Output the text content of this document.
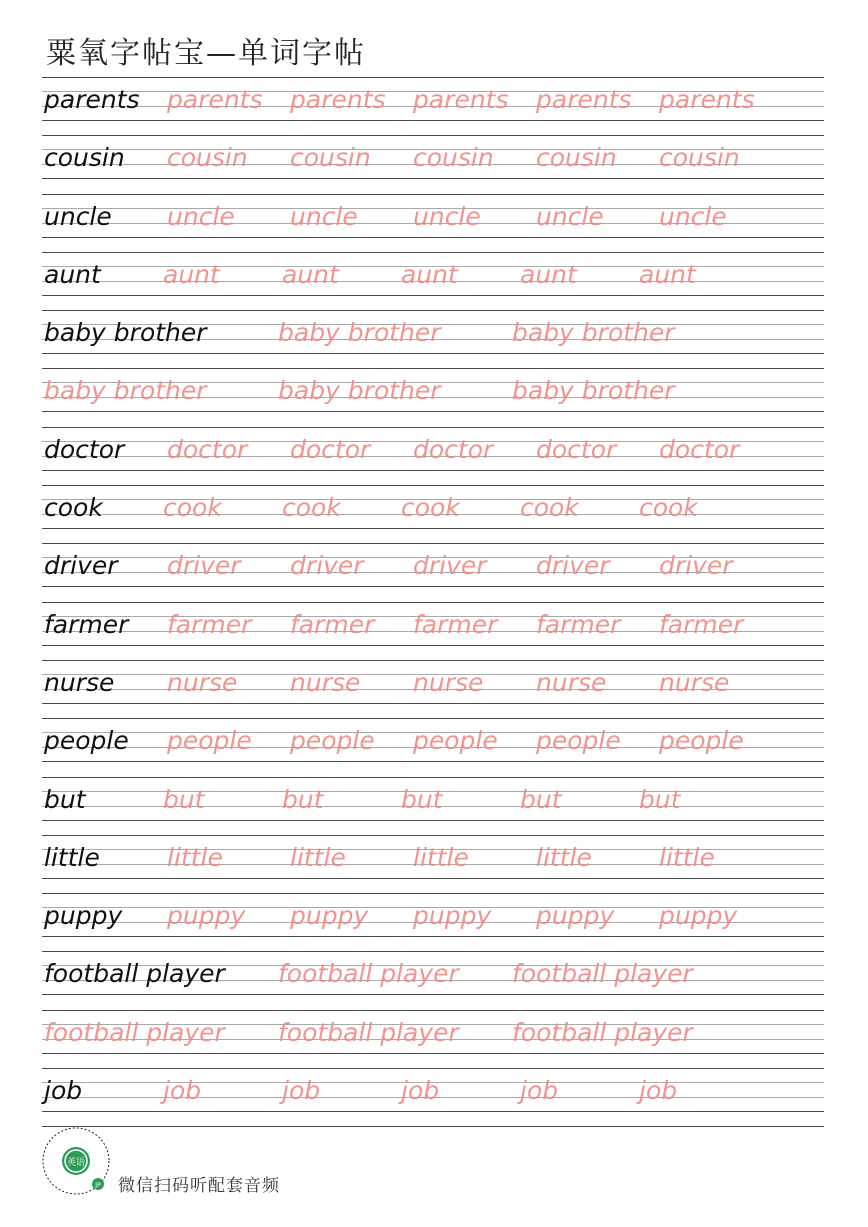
粟氧字帖宝—单词字帖
parents	parents	parents	parents	parents	parents
cousin	cousin	cousin	cousin	cousin	cousin
uncle	uncle	uncle	uncle	uncle	uncle
aunt	aunt	aunt	aunt	aunt	aunt
baby brother	baby brother	baby brother
baby brother	baby brother	baby brother
doctor	doctor	doctor	doctor	doctor	doctor
cook	cook	cook	cook	cook	cook
driver	driver	driver	driver	driver	driver
farmer	farmer	farmer	farmer	farmer	farmer
nurse	nurse	nurse	nurse	nurse	nurse
people	people	people	people	people	people
but	but	but	but	but	but
little	little	little	little	little	little
puppy	puppy	puppy	puppy	puppy	puppy
football player	football player	football player
football player	football player	football player
job	job	job	job	job	job
英语
JP 微信扫码听配套音频
